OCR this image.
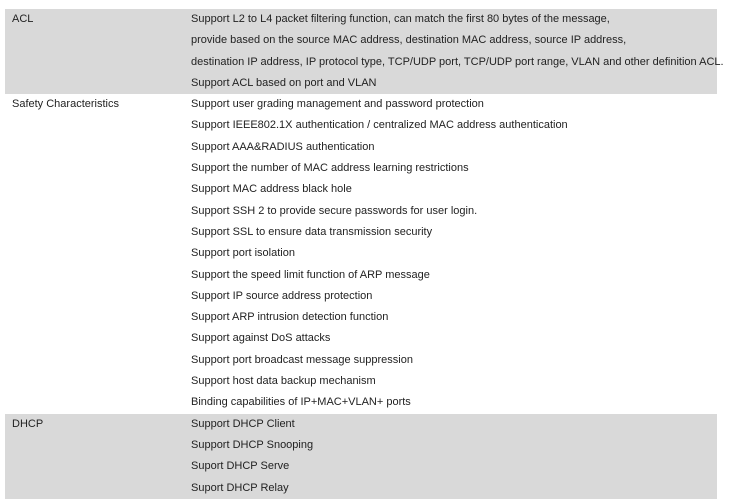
ACL	Support L2 to L4 packet filtering function, can match the first 80 bytes of the message,
provide based on the source MAC address, destination MAC address, source IP address,
destination IP address, IP protocol type, TCP/UDP port, TCP/UDP port range, VLAN and other definition ACL.
Support ACL based on port and VLAN
Safety Characteristics	Support user grading management and password protection
Support IEEE802.1X authentication / centralized MAC address authentication
Support AAA&RADIUS authentication
Support the number of MAC address learning restrictions
Support MAC address black hole
Support SSH 2 to provide secure passwords for user login.
Support SSL to ensure data transmission security
Support port isolation
Support the speed limit function of ARP message
Support IP source address protection
Support ARP intrusion detection function
Support against DoS attacks
Support port broadcast message suppression
Support host data backup mechanism
Binding capabilities of IP+MAC+VLAN+ ports
DHCP	Support DHCP Client
Support DHCP Snooping
Suport DHCP Serve
Suport DHCP Relay
